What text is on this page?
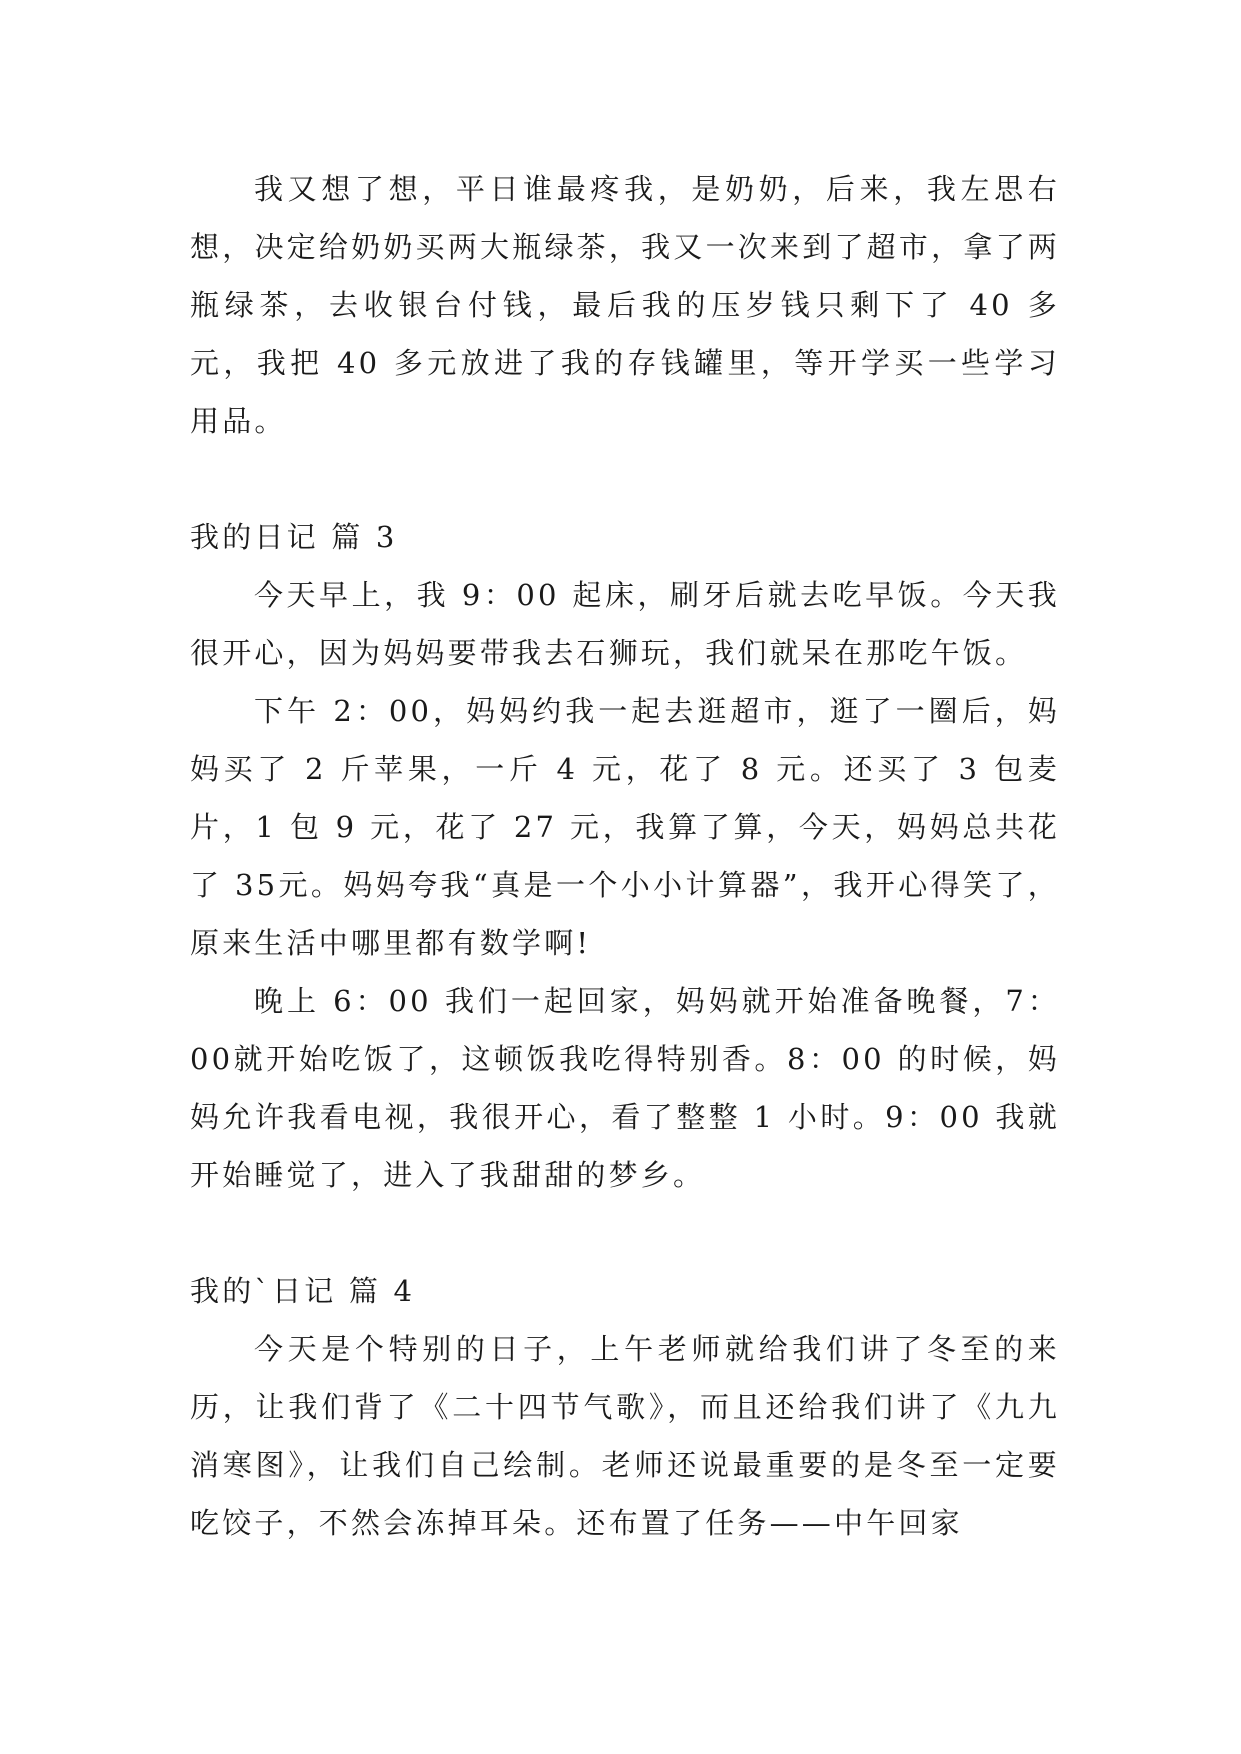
我又想了想，平日谁最疼我，是奶奶，后来，我左思右想，决定给奶奶买两大瓶绿茶，我又一次来到了超市，拿了两瓶绿茶，去收银台付钱，最后我的压岁钱只剩下了 40 多元，我把 40 多元放进了我的存钱罐里，等开学买一些学习用品。

我的日记 篇 3

今天早上，我 9：00 起床，刷牙后就去吃早饭。今天我很开心，因为妈妈要带我去石狮玩，我们就呆在那吃午饭。

下午 2：00，妈妈约我一起去逛超市，逛了一圈后，妈妈买了 2 斤苹果，一斤 4 元，花了 8 元。还买了 3 包麦片，1 包 9 元，花了 27 元，我算了算，今天，妈妈总共花了 35元。妈妈夸我“真是一个小小计算器”，我开心得笑了，原来生活中哪里都有数学啊!

晚上 6：00 我们一起回家，妈妈就开始准备晚餐，7：00就开始吃饭了，这顿饭我吃得特别香。8：00 的时候，妈妈允许我看电视，我很开心，看了整整 1 小时。9：00 我就开始睡觉了，进入了我甜甜的梦乡。

我的`日记 篇 4

今天是个特别的日子，上午老师就给我们讲了冬至的来历，让我们背了《二十四节气歌》，而且还给我们讲了《九九消寒图》，让我们自己绘制。老师还说最重要的是冬至一定要吃饺子，不然会冻掉耳朵。还布置了任务——中午回家
